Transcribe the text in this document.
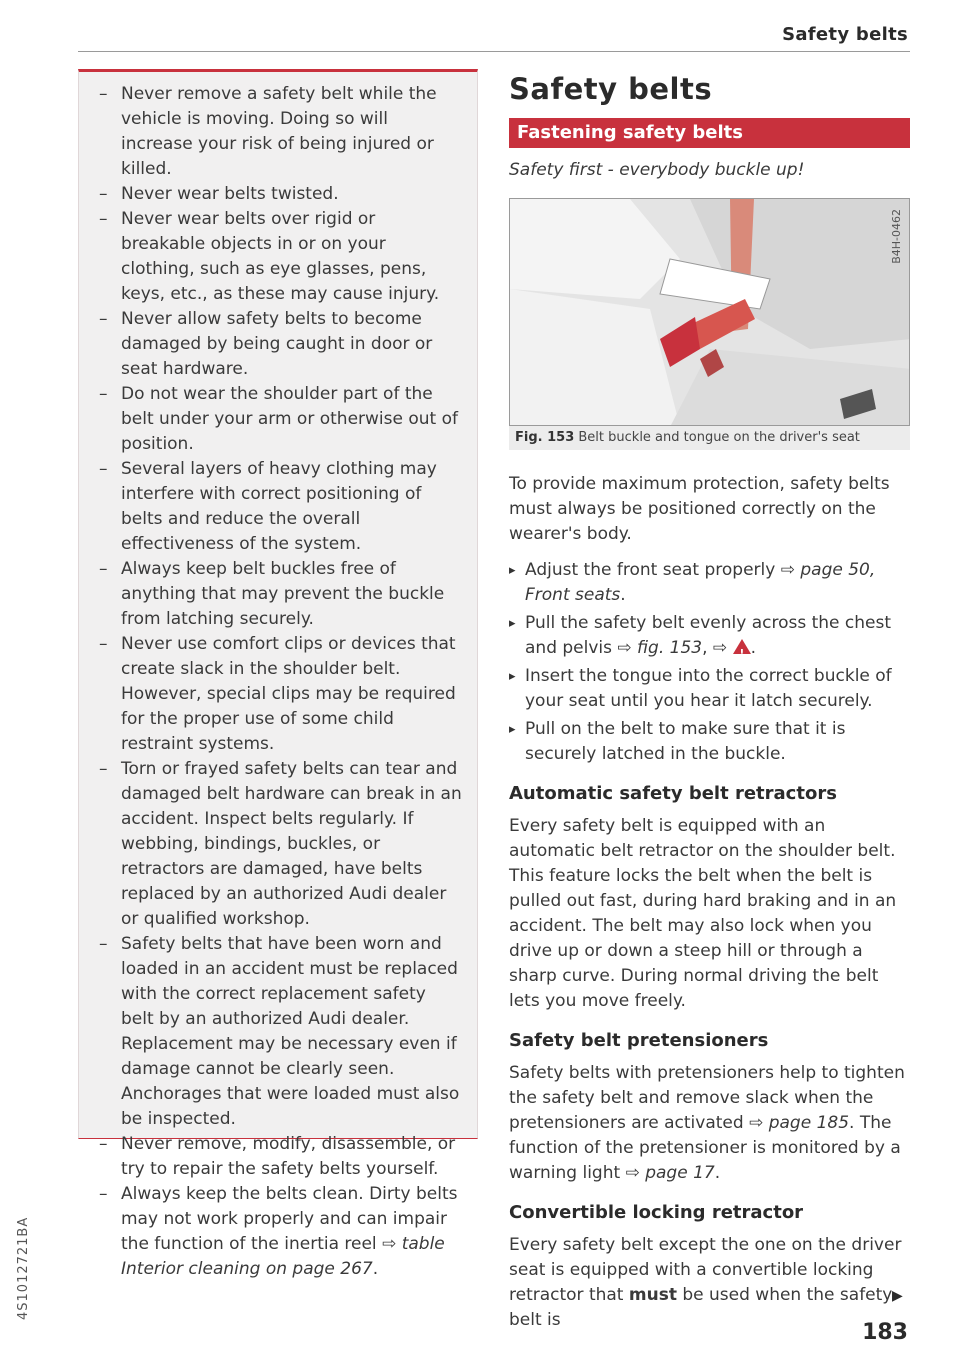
Safety belts
4S1012721BA
– Never remove a safety belt while the vehicle is moving. Doing so will increase your risk of being injured or killed.
– Never wear belts twisted.
– Never wear belts over rigid or breakable objects in or on your clothing, such as eye glasses, pens, keys, etc., as these may cause injury.
– Never allow safety belts to become damaged by being caught in door or seat hardware.
– Do not wear the shoulder part of the belt under your arm or otherwise out of position.
– Several layers of heavy clothing may interfere with correct positioning of belts and reduce the overall effectiveness of the system.
– Always keep belt buckles free of anything that may prevent the buckle from latching securely.
– Never use comfort clips or devices that create slack in the shoulder belt. However, special clips may be required for the proper use of some child restraint systems.
– Torn or frayed safety belts can tear and damaged belt hardware can break in an accident. Inspect belts regularly. If webbing, bindings, buckles, or retractors are damaged, have belts replaced by an authorized Audi dealer or qualified workshop.
– Safety belts that have been worn and loaded in an accident must be replaced with the correct replacement safety belt by an authorized Audi dealer. Replacement may be necessary even if damage cannot be clearly seen. Anchorages that were loaded must also be inspected.
– Never remove, modify, disassemble, or try to repair the safety belts yourself.
– Always keep the belts clean. Dirty belts may not work properly and can impair the function of the inertia reel ⇨ table Interior cleaning on page 267.
Safety belts
Fastening safety belts
Safety first - everybody buckle up!
B4H-0462
Fig. 153 Belt buckle and tongue on the driver's seat

To provide maximum protection, safety belts must always be positioned correctly on the wearer's body.

▸ Adjust the front seat properly ⇨ page 50, Front seats.
▸ Pull the safety belt evenly across the chest and pelvis ⇨ fig. 153, ⇨ !.
▸ Insert the tongue into the correct buckle of your seat until you hear it latch securely.
▸ Pull on the belt to make sure that it is securely latched in the buckle.
Automatic safety belt retractors

Every safety belt is equipped with an automatic belt retractor on the shoulder belt. This feature locks the belt when the belt is pulled out fast, during hard braking and in an accident. The belt may also lock when you drive up or down a steep hill or through a sharp curve. During normal driving the belt lets you move freely.

Safety belt pretensioners

Safety belts with pretensioners help to tighten the safety belt and remove slack when the pretensioners are activated ⇨ page 185. The function of the pretensioner is monitored by a warning light ⇨ page 17.

Convertible locking retractor

Every safety belt except the one on the driver seat is equipped with a convertible locking retractor that must be used when the safety belt is

▶
183
